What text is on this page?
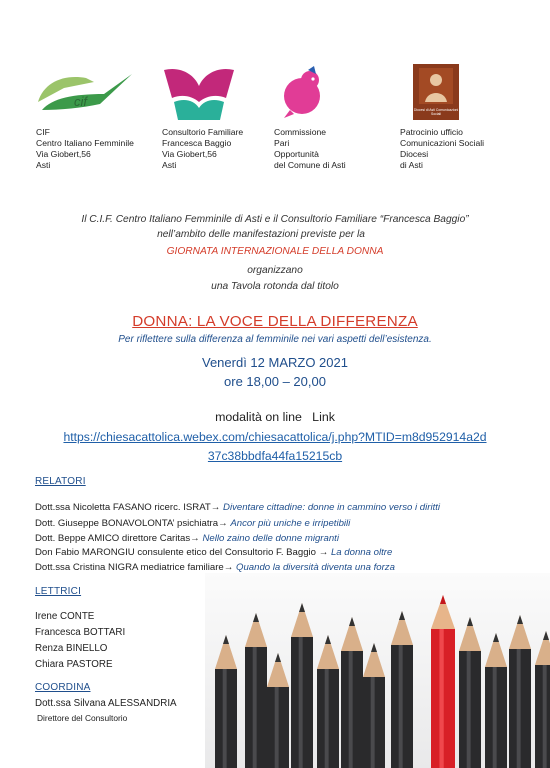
cif
Diocesi di Asti Comunicazioni Sociali
CIF
Centro Italiano Femminile
Via Giobert,56
Asti
Consultorio Familiare
Francesca Baggio
Via Giobert,56
Asti
Commissione
Pari
Opportunità
del Comune di Asti
Patrocinio ufficio
Comunicazioni Sociali
Diocesi
di Asti
Il C.I.F. Centro Italiano Femminile di Asti e il Consultorio Familiare “Francesca Baggio”
nell’ambito delle manifestazioni previste per la
GIORNATA INTERNAZIONALE DELLA DONNA
organizzano
una Tavola rotonda dal titolo
DONNA: LA VOCE DELLA DIFFERENZA
Per riflettere sulla differenza al femminile nei vari aspetti dell’esistenza.
Venerdì 12 MARZO 2021
ore 18,00 – 20,00
modalità on line   Link
https://chiesacattolica.webex.com/chiesacattolica/j.php?MTID=m8d952914a2d
37c38bbdfa44fa15215cb
RELATORI
Dott.ssa Nicoletta FASANO ricerc. ISRAT→ Diventare cittadine: donne in cammino verso i diritti
Dott. Giuseppe BONAVOLONTA’ psichiatra→ Ancor più uniche e irripetibili
Dott. Beppe AMICO direttore Caritas→ Nello zaino delle donne migranti
Don Fabio MARONGIU consulente etico del Consultorio F. Baggio → La donna oltre
Dott.ssa Cristina NIGRA mediatrice familiare→ Quando la diversità diventa una forza
LETTRICI
Irene CONTE
Francesca BOTTARI
Renza BINELLO
Chiara PASTORE
COORDINA
Dott.ssa Silvana ALESSANDRIA
Direttore del Consultorio
